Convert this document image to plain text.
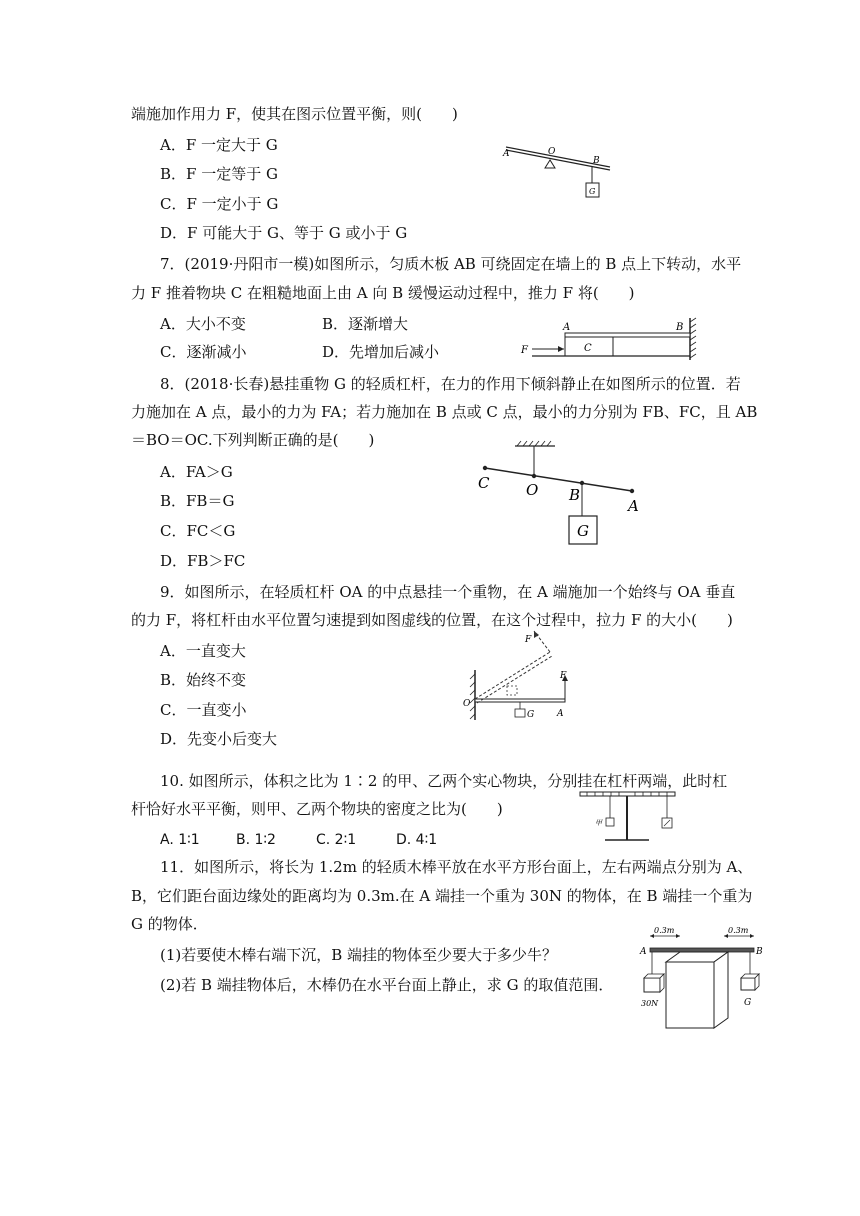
端施加作用力 F，使其在图示位置平衡，则(　　)
A．F 一定大于 G
B．F 一定等于 G
C．F 一定小于 G
D．F 可能大于 G、等于 G 或小于 G
A	O
B
G
7．(2019·丹阳市一模)如图所示，匀质木板 AB 可绕固定在墙上的 B 点上下转动，水平
力 F 推着物块 C 在粗糙地面上由 A 向 B 缓慢运动过程中，推力 F 将(　　)
A．大小不变	B．逐渐增大
C．逐渐减小	D．先增加后减小
A	B
C
F
8．(2018·长春)悬挂重物 G 的轻质杠杆，在力的作用下倾斜静止在如图所示的位置．若
力施加在 A 点，最小的力为 FA；若力施加在 B 点或 C 点，最小的力分别为 FB、FC，且 AB
＝BO＝OC.下列判断正确的是(　　)
A．FA＞G
B．FB＝G
C．FC＜G
D．FB＞FC
C O B
A
G
9．如图所示，在轻质杠杆 OA 的中点悬挂一个重物，在 A 端施加一个始终与 OA 垂直
的力 F，将杠杆由水平位置匀速提到如图虚线的位置，在这个过程中，拉力 F 的大小(　　)
A．一直变大
B．始终不变
C．一直变小
D．先变小后变大
F
F
O
G	A
10. 如图所示，体积之比为 1∶2 的甲、乙两个实心物块，分别挂在杠杆两端，此时杠
杆恰好水平平衡，则甲、乙两个物块的密度之比为(　　)
A. 1∶1	B. 1∶2	C. 2∶1	D. 4∶1
甲
11．如图所示，将长为 1.2m 的轻质木棒平放在水平方形台面上，左右两端点分别为 A、
B，它们距台面边缘处的距离均为 0.3m.在 A 端挂一个重为 30N 的物体，在 B 端挂一个重为
G 的物体．
(1)若要使木棒右端下沉，B 端挂的物体至少要大于多少牛？
(2)若 B 端挂物体后，木棒仍在水平台面上静止，求 G 的取值范围．
0.3m	0.3m
A	B
30N	G
